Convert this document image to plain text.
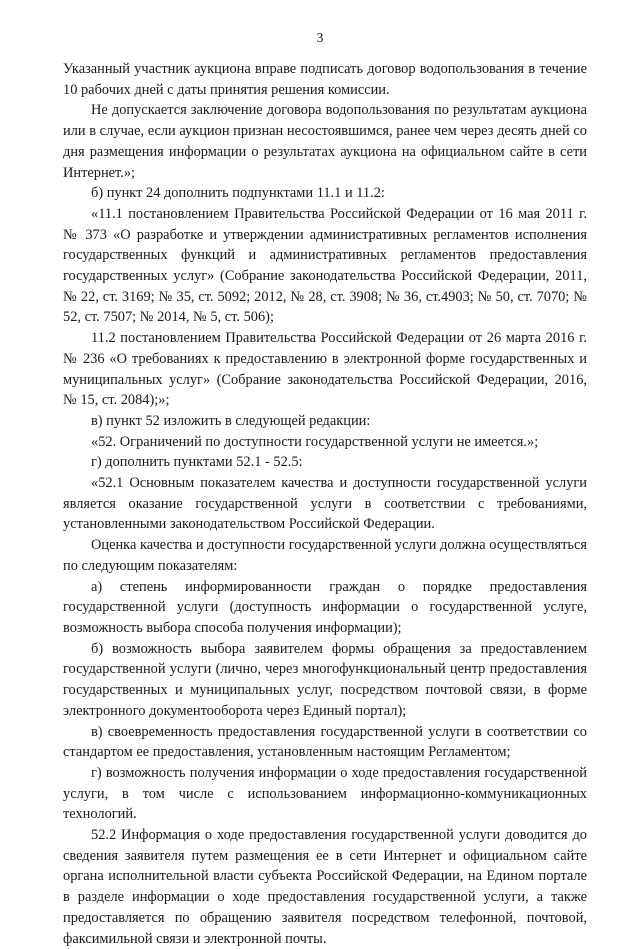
3

Указанный участник аукциона вправе подписать договор водопользования в течение 10 рабочих дней с даты принятия решения комиссии.

Не допускается заключение договора водопользования по результатам аукциона или в случае, если аукцион признан несостоявшимся, ранее чем через десять дней со дня размещения информации о результатах аукциона на официальном сайте в сети Интернет.»;

б) пункт 24 дополнить подпунктами 11.1 и 11.2:

«11.1 постановлением Правительства Российской Федерации от 16 мая 2011 г. № 373 «О разработке и утверждении административных регламентов исполнения государственных функций и административных регламентов предоставления государственных услуг» (Собрание законодательства Российской Федерации, 2011, № 22, ст. 3169; № 35, ст. 5092; 2012, № 28, ст. 3908; № 36, ст.4903; № 50, ст. 7070; № 52, ст. 7507; № 2014, № 5, ст. 506);

11.2 постановлением Правительства Российской Федерации от 26 марта 2016 г. № 236 «О требованиях к предоставлению в электронной форме государственных и муниципальных услуг» (Собрание законодательства Российской Федерации, 2016, № 15, ст. 2084);»;

в) пункт 52 изложить в следующей редакции:

«52. Ограничений по доступности государственной услуги не имеется.»;

г) дополнить пунктами 52.1 - 52.5:

«52.1 Основным показателем качества и доступности государственной услуги является оказание государственной услуги в соответствии с требованиями, установленными законодательством Российской Федерации.

Оценка качества и доступности государственной услуги должна осуществляться по следующим показателям:

а) степень информированности граждан о порядке предоставления государственной услуги (доступность информации о государственной услуге, возможность выбора способа получения информации);

б) возможность выбора заявителем формы обращения за предоставлением государственной услуги (лично, через многофункциональный центр предоставления государственных и муниципальных услуг, посредством почтовой связи, в форме электронного документооборота через Единый портал);

в) своевременность предоставления государственной услуги в соответствии со стандартом ее предоставления, установленным настоящим Регламентом;

г) возможность получения информации о ходе предоставления государственной услуги, в том числе с использованием информационно-коммуникационных технологий.

52.2 Информация о ходе предоставления государственной услуги доводится до сведения заявителя путем размещения ее в сети Интернет и официальном сайте органа исполнительной власти субъекта Российской Федерации, на Едином портале в разделе информации о ходе предоставления государственной услуги, а также предоставляется по обращению заявителя посредством телефонной, почтовой, факсимильной связи и электронной почты.
